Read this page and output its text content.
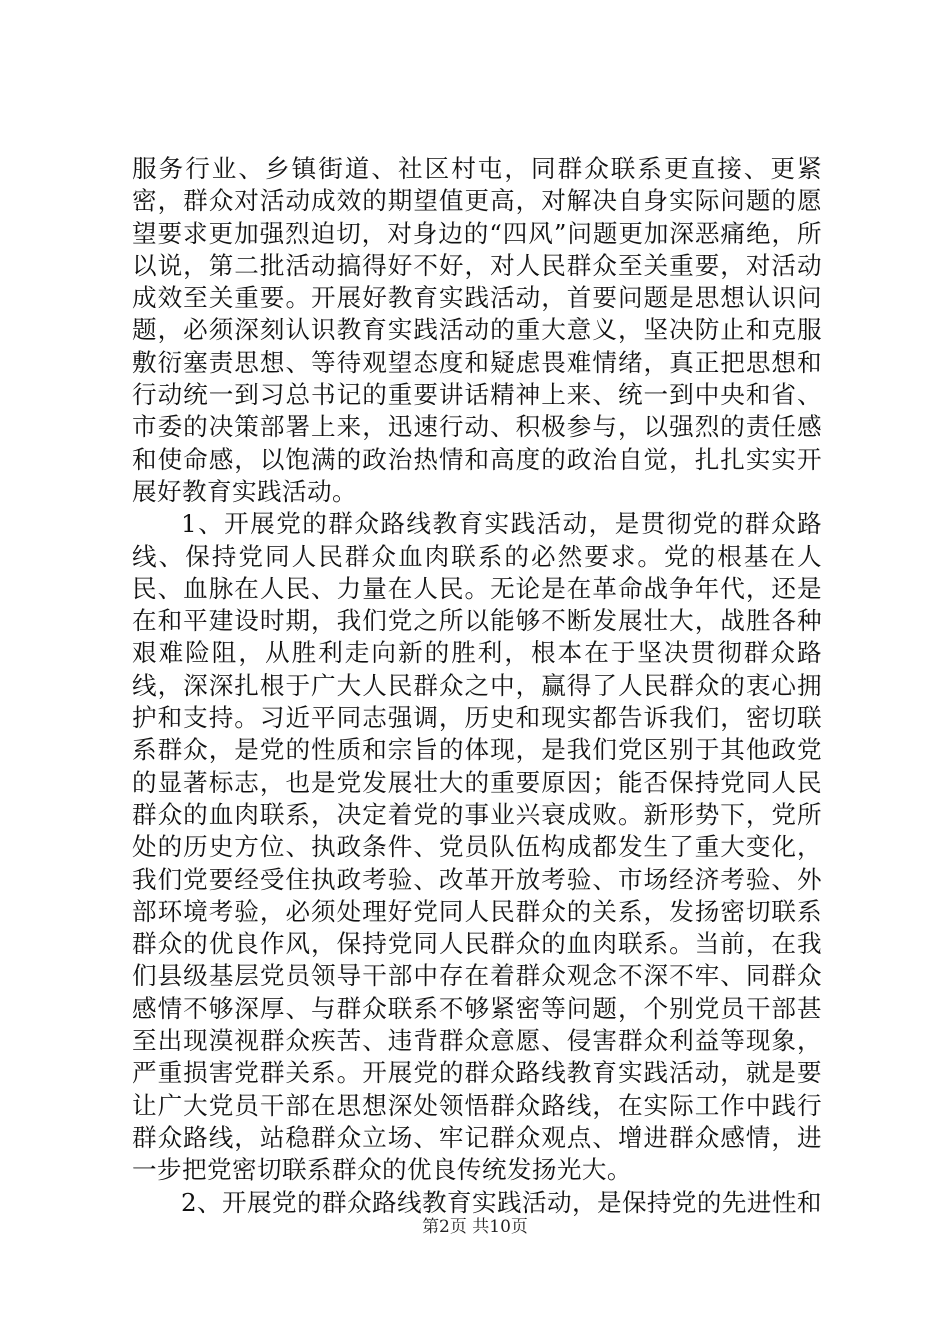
服务行业、乡镇街道、社区村屯，同群众联系更直接、更紧密，群众对活动成效的期望值更高，对解决自身实际问题的愿望要求更加强烈迫切，对身边的“四风”问题更加深恶痛绝，所以说，第二批活动搞得好不好，对人民群众至关重要，对活动成效至关重要。开展好教育实践活动，首要问题是思想认识问题，必须深刻认识教育实践活动的重大意义，坚决防止和克服敷衍塞责思想、等待观望态度和疑虑畏难情绪，真正把思想和行动统一到习总书记的重要讲话精神上来、统一到中央和省、市委的决策部署上来，迅速行动、积极参与，以强烈的责任感和使命感，以饱满的政治热情和高度的政治自觉，扎扎实实开展好教育实践活动。

1、开展党的群众路线教育实践活动，是贯彻党的群众路线、保持党同人民群众血肉联系的必然要求。党的根基在人民、血脉在人民、力量在人民。无论是在革命战争年代，还是在和平建设时期，我们党之所以能够不断发展壮大，战胜各种艰难险阻，从胜利走向新的胜利，根本在于坚决贯彻群众路线，深深扎根于广大人民群众之中，赢得了人民群众的衷心拥护和支持。习近平同志强调，历史和现实都告诉我们，密切联系群众，是党的性质和宗旨的体现，是我们党区别于其他政党的显著标志，也是党发展壮大的重要原因；能否保持党同人民群众的血肉联系，决定着党的事业兴衰成败。新形势下，党所处的历史方位、执政条件、党员队伍构成都发生了重大变化，我们党要经受住执政考验、改革开放考验、市场经济考验、外部环境考验，必须处理好党同人民群众的关系，发扬密切联系群众的优良作风，保持党同人民群众的血肉联系。当前，在我们县级基层党员领导干部中存在着群众观念不深不牢、同群众感情不够深厚、与群众联系不够紧密等问题，个别党员干部甚至出现漠视群众疾苦、违背群众意愿、侵害群众利益等现象，严重损害党群关系。开展党的群众路线教育实践活动，就是要让广大党员干部在思想深处领悟群众路线，在实际工作中践行群众路线，站稳群众立场、牢记群众观点、增进群众感情，进一步把党密切联系群众的优良传统发扬光大。

2、开展党的群众路线教育实践活动，是保持党的先进性和

第2页 共10页
